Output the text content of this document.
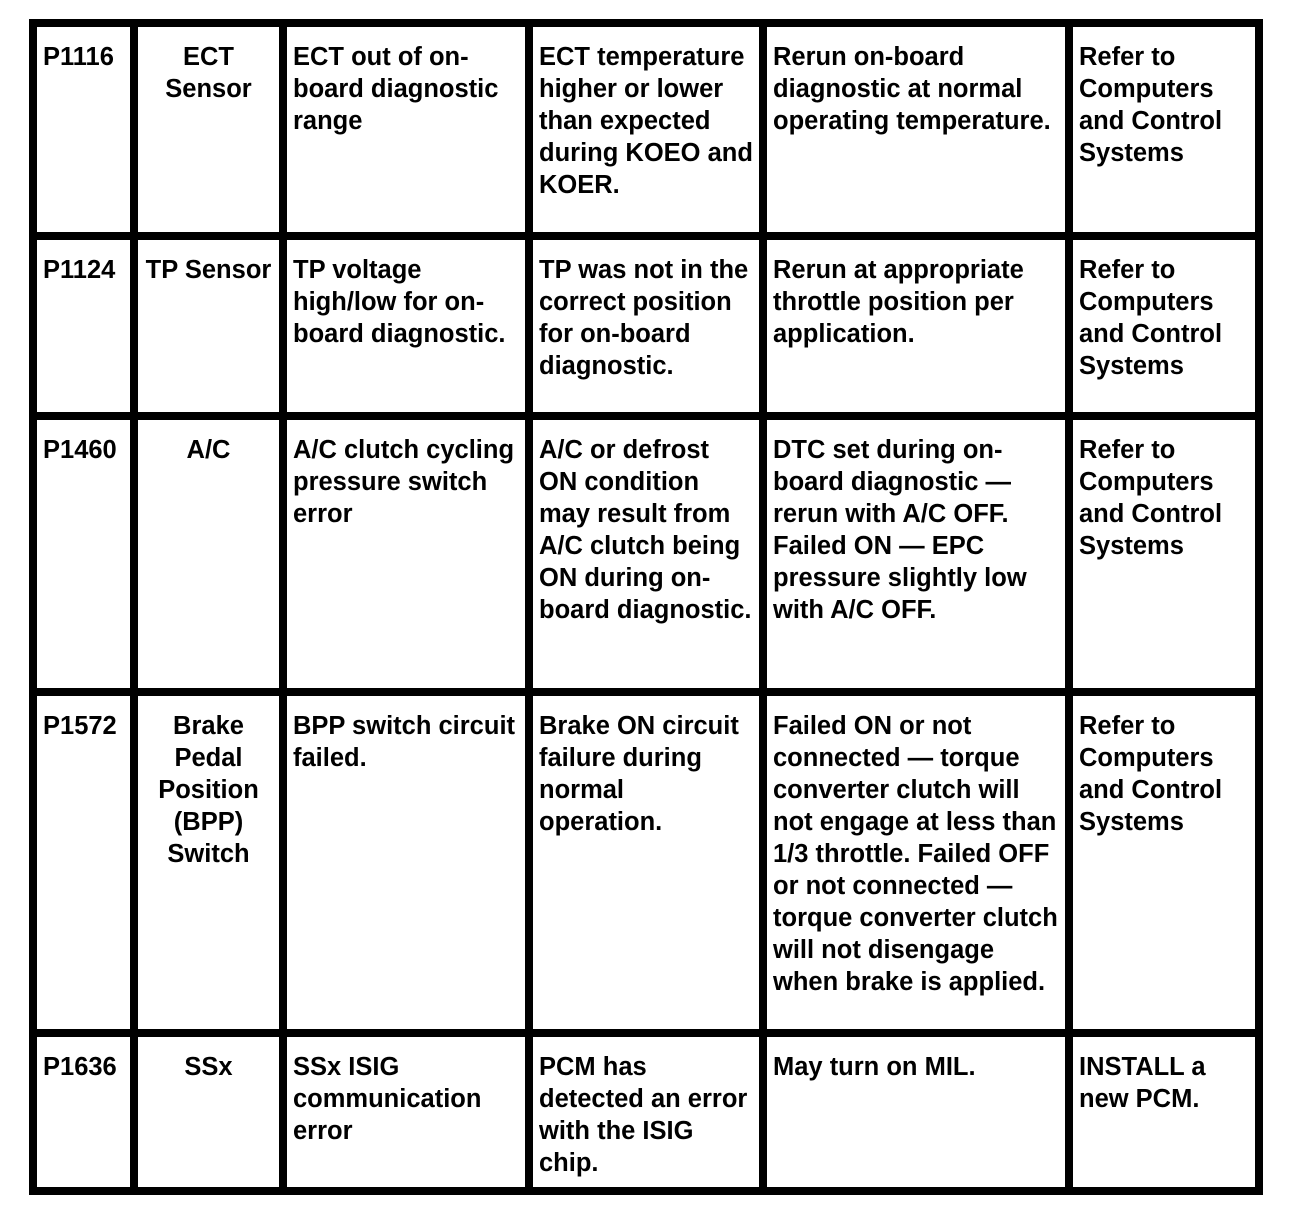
P1116	ECT Sensor	ECT out of on-board diagnostic range	ECT temperature higher or lower than expected during KOEO and KOER.	Rerun on-board diagnostic at normal operating temperature.	Refer to Computers and Control Systems
P1124	TP Sensor	TP voltage high/low for on-board diagnostic.	TP was not in the correct position for on-board diagnostic.	Rerun at appropriate throttle position per application.	Refer to Computers and Control Systems
P1460	A/C	A/C clutch cycling pressure switch error	A/C or defrost ON condition may result from A/C clutch being ON during on-board diagnostic.	DTC set during on-board diagnostic — rerun with A/C OFF. Failed ON — EPC pressure slightly low with A/C OFF.	Refer to Computers and Control Systems
P1572	Brake Pedal Position (BPP) Switch	BPP switch circuit failed.	Brake ON circuit failure during normal operation.	Failed ON or not connected — torque converter clutch will not engage at less than 1/3 throttle. Failed OFF or not connected — torque converter clutch will not disengage when brake is applied.	Refer to Computers and Control Systems
P1636	SSx	SSx ISIG communication error	PCM has detected an error with the ISIG chip.	May turn on MIL.	INSTALL a new PCM.
